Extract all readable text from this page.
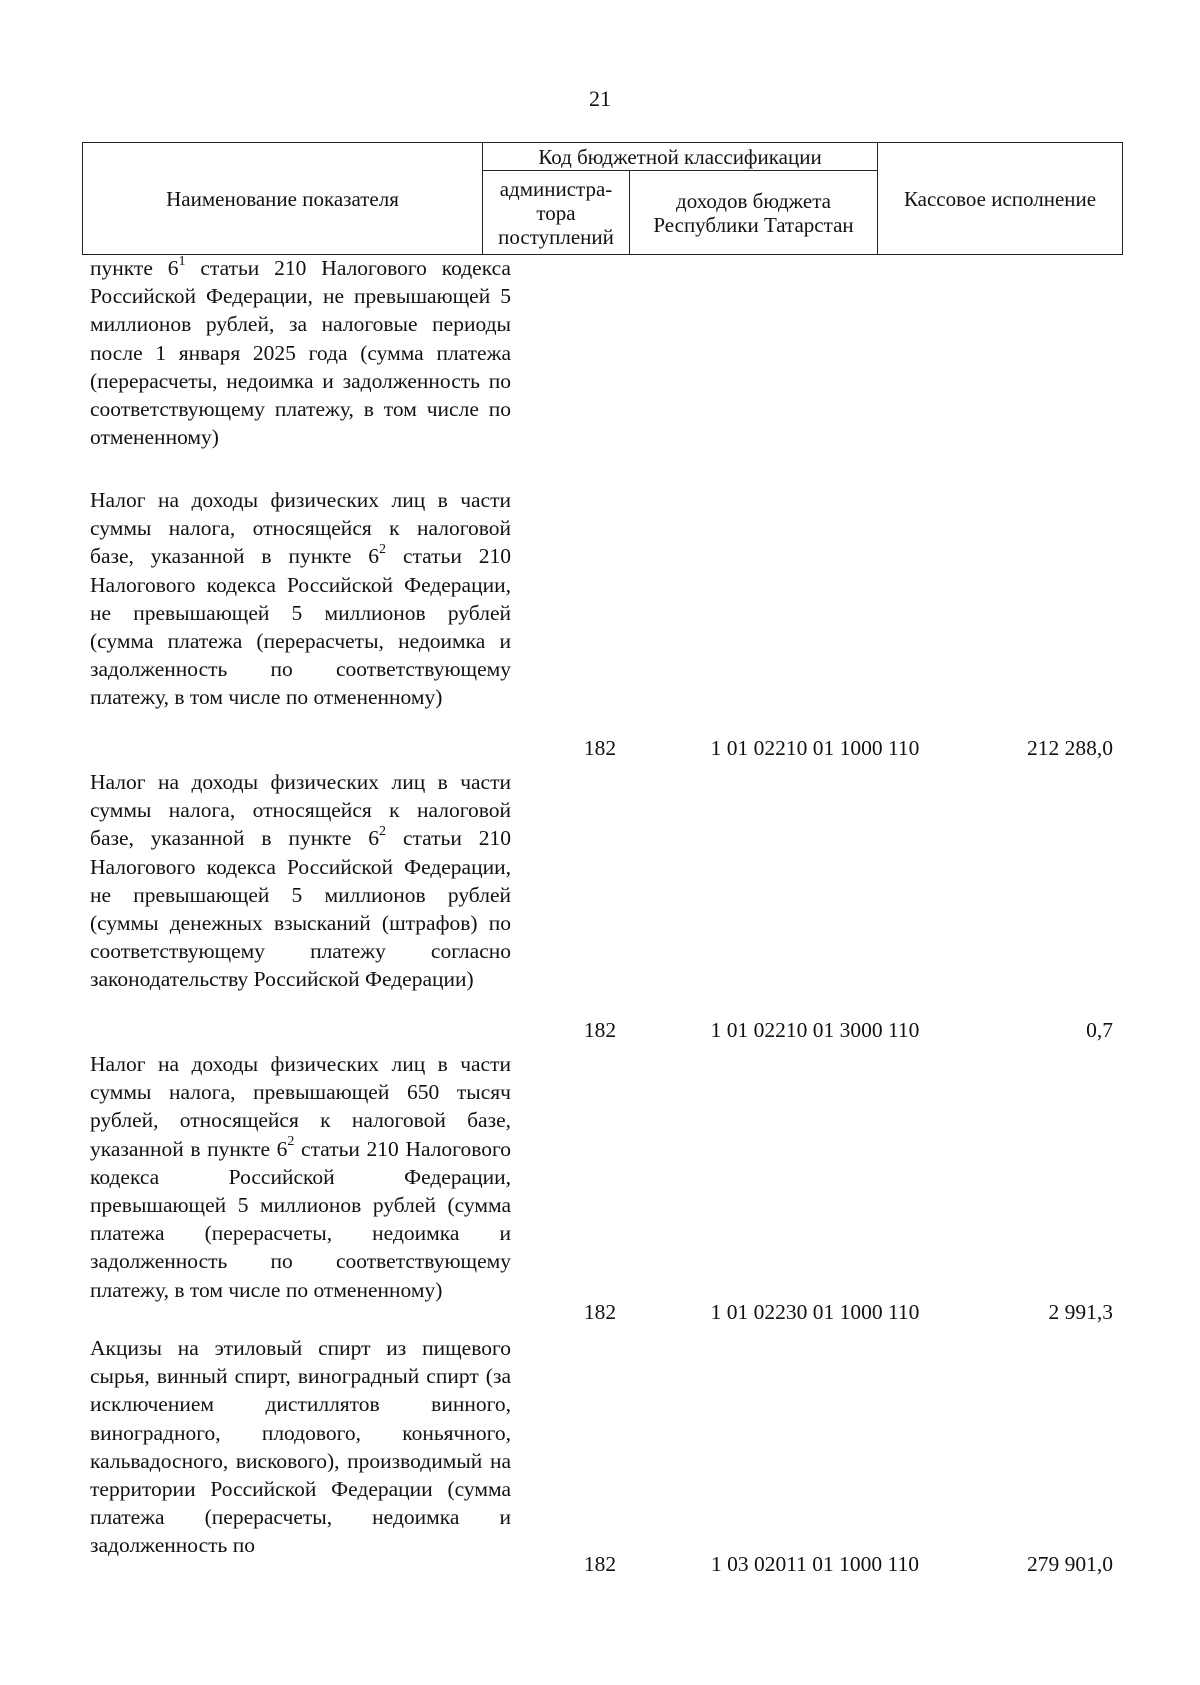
21
Наименование показателя	Код бюджетной классификации		Кассовое исполнение
	администра-тора поступлений	доходов бюджета Республики Татарстан	
пункте $6^1$ статьи 210 Налогового кодекса Российской Федерации, не превышающей 5 миллионов рублей, за налоговые периоды после 1 января 2025 года (сумма платежа (перерасчеты, недоимка и задолженность по соответствующему платежу, в том числе по отмененному)
Налог на доходы физических лиц в части суммы налога, относящейся к налоговой базе, указанной в пункте $6^2$ статьи 210 Налогового кодекса Российской Федерации, не превышающей 5 миллионов рублей (сумма платежа (перерасчеты, недоимка и задолженность по соответствующему платежу, в том числе по отмененному)
182	1 01 02210 01 1000 110	212 288,0
Налог на доходы физических лиц в части суммы налога, относящейся к налоговой базе, указанной в пункте $6^2$ статьи 210 Налогового кодекса Российской Федерации, не превышающей 5 миллионов рублей (суммы денежных взысканий (штрафов) по соответствующему платежу согласно законодательству Российской Федерации)
182	1 01 02210 01 3000 110	0,7
Налог на доходы физических лиц в части суммы налога, превышающей 650 тысяч рублей, относящейся к налоговой базе, указанной в пункте $6^2$ статьи 210 Налогового кодекса Российской Федерации, превышающей 5 миллионов рублей (сумма платежа (перерасчеты, недоимка и задолженность по соответствующему платежу, в том числе по отмененному)
182	1 01 02230 01 1000 110	2 991,3
Акцизы на этиловый спирт из пищевого сырья, винный спирт, виноградный спирт (за исключением дистиллятов винного, виноградного, плодового, коньячного, кальвадосного, вискового), производимый на территории Российской Федерации (сумма платежа (перерасчеты, недоимка и задолженность по
182	1 03 02011 01 1000 110	279 901,0
